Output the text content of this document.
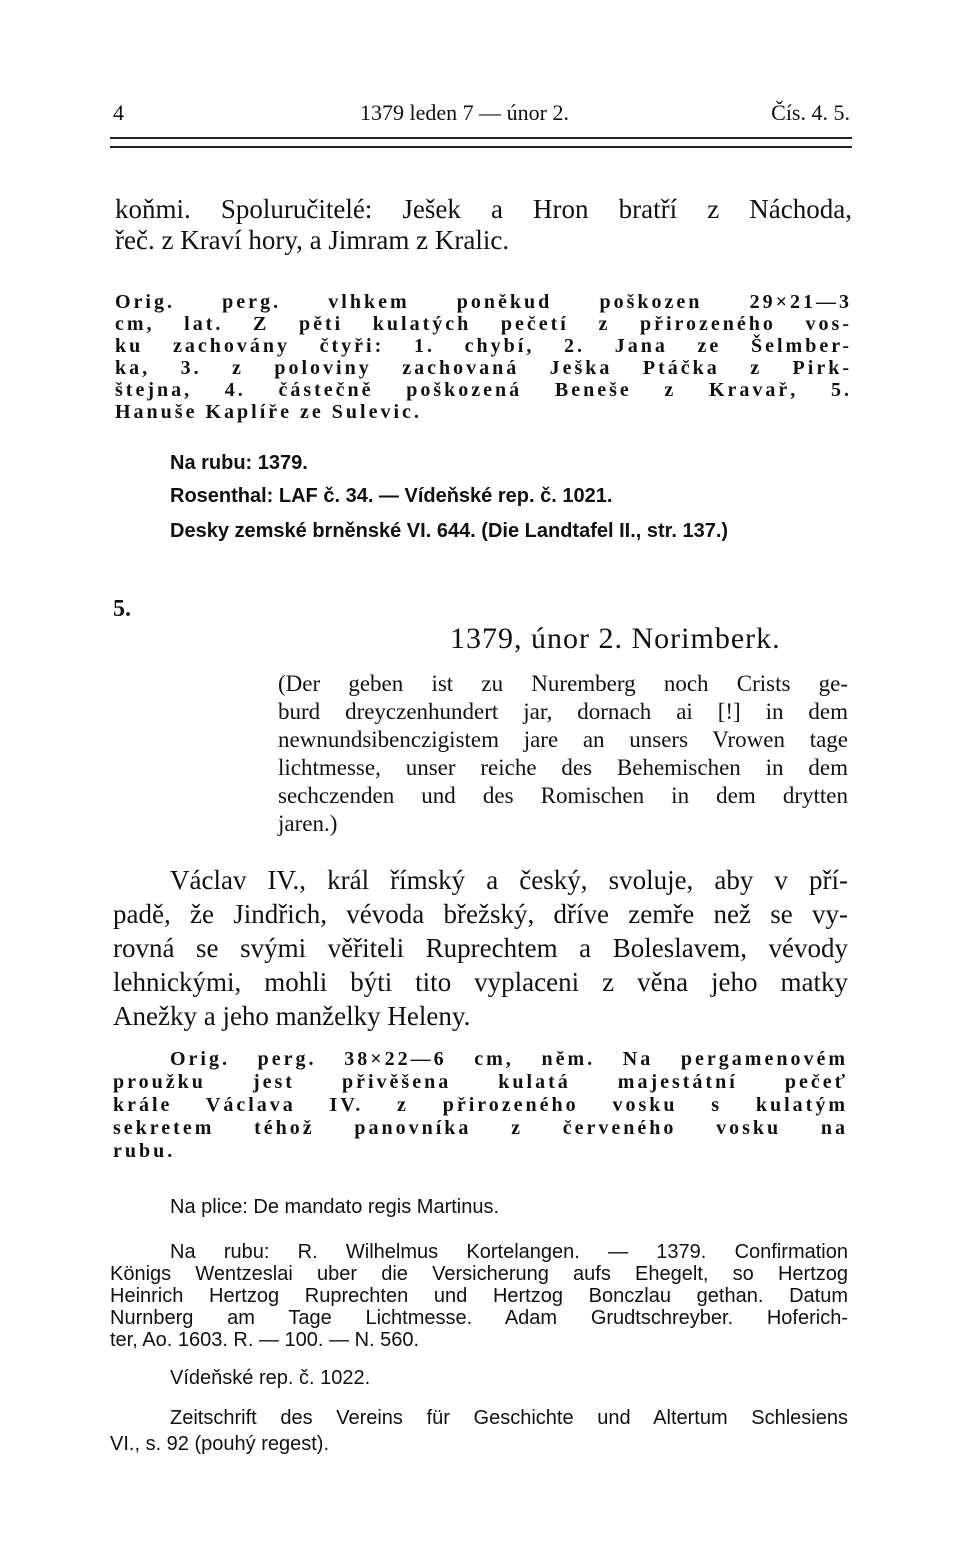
4	1379 leden 7 — únor 2.	Čís. 4. 5.
koňmi. Spoluručitelé: Ješek a Hron bratří z Náchoda,
řeč. z Kraví hory, a Jimram z Kralic.
Orig. perg. vlhkem poněkud poškozen 29×21—3
cm, lat. Z pěti kulatých pečetí z přirozeného vos-
ku zachovány čtyři: 1. chybí, 2. Jana ze Šelmber-
ka, 3. z poloviny zachovaná Ješka Ptáčka z Pirk-
štejna, 4. částečně poškozená Beneše z Kravař, 5.
Hanuše Kaplíře ze Sulevic.
Na rubu: 1379.
Rosenthal: LAF č. 34. — Vídeňské rep. č. 1021.
Desky zemské brněnské VI. 644. (Die Landtafel II., str. 137.)
5.
1379, únor 2. Norimberk.
(Der geben ist zu Nuremberg noch Crists ge-
burd dreyczenhundert jar, dornach ai [!] in dem
newnundsibenczigistem jare an unsers Vrowen tage
lichtmesse, unser reiche des Behemischen in dem
sechczenden und des Romischen in dem drytten
jaren.)
Václav IV., král římský a český, svoluje, aby v pří-
padě, že Jindřich, vévoda břežský, dříve zemře než se vy-
rovná se svými věřiteli Ruprechtem a Boleslavem, vévody
lehnickými, mohli býti tito vyplaceni z věna jeho matky
Anežky a jeho manželky Heleny.
Orig. perg. 38×22—6 cm, něm. Na pergamenovém
proužku jest přivěšena kulatá majestátní pečeť
krále Václava IV. z přirozeného vosku s kulatým
sekretem téhož panovníka z červeného vosku na
rubu.
Na plice: De mandato regis Martinus.
Na rubu: R. Wilhelmus Kortelangen. — 1379. Confirmation
Königs Wentzeslai uber die Versicherung aufs Ehegelt, so Hertzog
Heinrich Hertzog Ruprechten und Hertzog Bonczlau gethan. Datum
Nurnberg am Tage Lichtmesse. Adam Grudtschreyber. Hoferich-
ter, Ao. 1603. R. — 100. — N. 560.
Vídeňské rep. č. 1022.
Zeitschrift des Vereins für Geschichte und Altertum Schlesiens
VI., s. 92 (pouhý regest).
